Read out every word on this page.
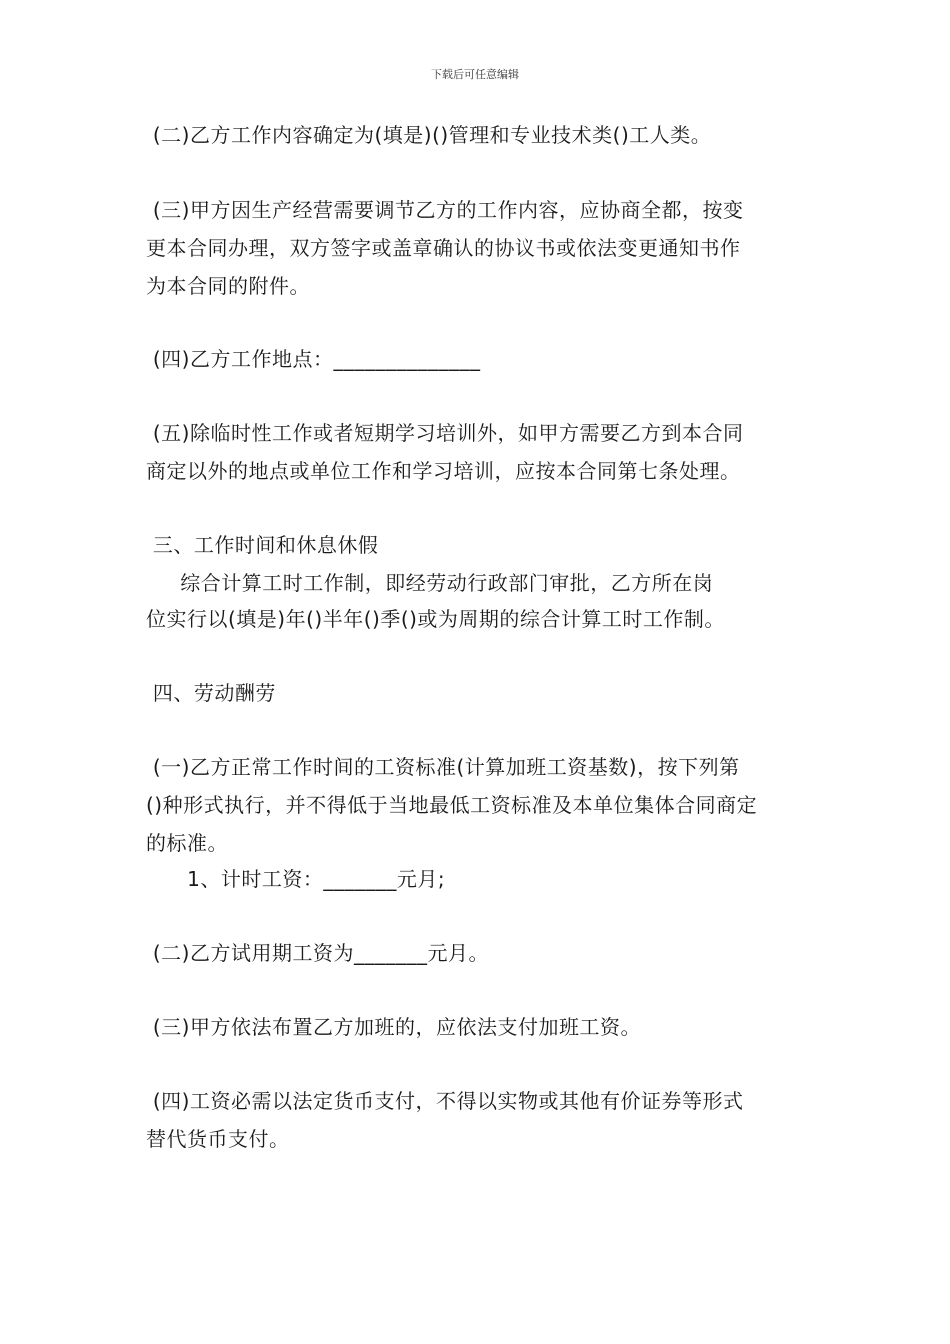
下载后可任意编辑
(二)乙方工作内容确定为(填是)()管理和专业技术类()工人类。
(三)甲方因生产经营需要调节乙方的工作内容，应协商全都，按变
更本合同办理，双方签字或盖章确认的协议书或依法变更通知书作
为本合同的附件。
(四)乙方工作地点：______________
(五)除临时性工作或者短期学习培训外，如甲方需要乙方到本合同
商定以外的地点或单位工作和学习培训，应按本合同第七条处理。
三、工作时间和休息休假
综合计算工时工作制，即经劳动行政部门审批，乙方所在岗
位实行以(填是)年()半年()季()或为周期的综合计算工时工作制。
四、劳动酬劳
(一)乙方正常工作时间的工资标准(计算加班工资基数)，按下列第
()种形式执行，并不得低于当地最低工资标准及本单位集体合同商定
的标准。
1、计时工资：_______元月;
(二)乙方试用期工资为_______元月。
(三)甲方依法布置乙方加班的，应依法支付加班工资。
(四)工资必需以法定货币支付，不得以实物或其他有价证券等形式
替代货币支付。
